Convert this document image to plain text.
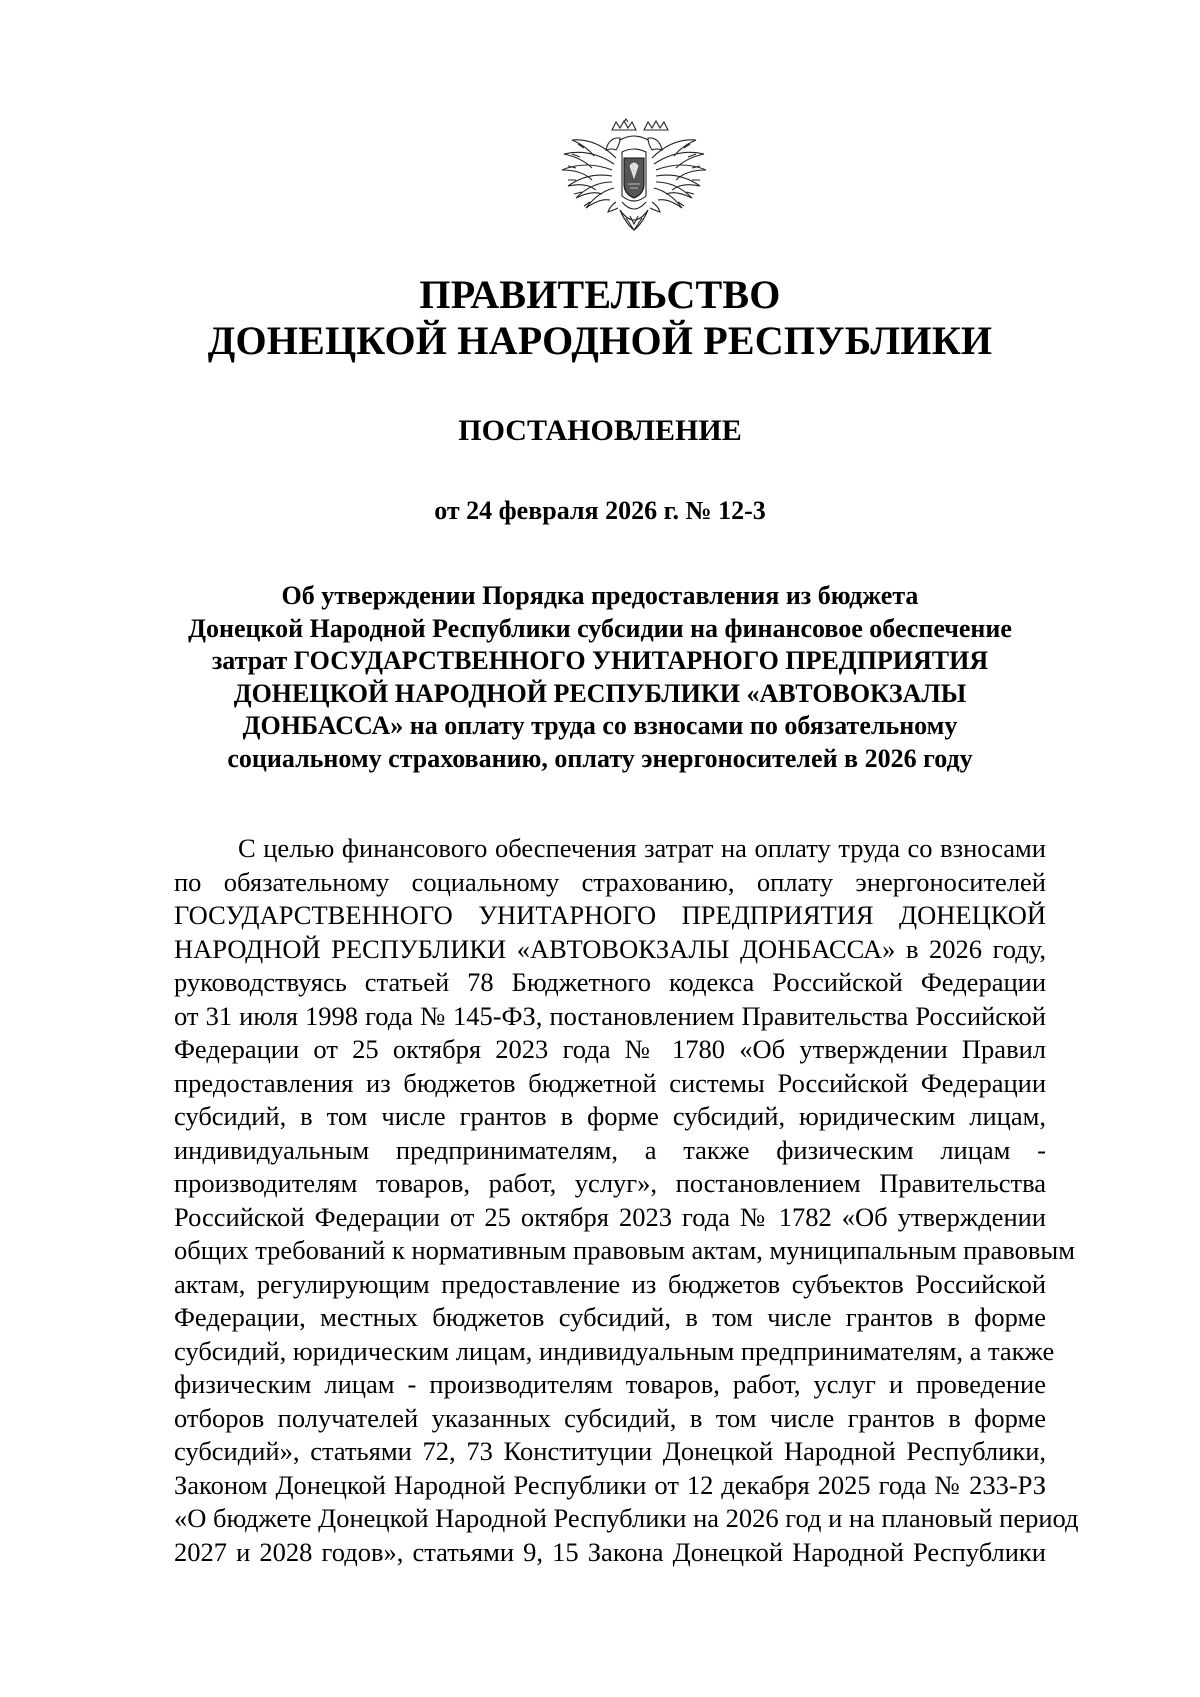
ПРАВИТЕЛЬСТВО
ДОНЕЦКОЙ НАРОДНОЙ РЕСПУБЛИКИ
ПОСТАНОВЛЕНИЕ
от 24 февраля 2026 г. № 12-3
Об утверждении Порядка предоставления из бюджета
Донецкой Народной Республики субсидии на финансовое обеспечение
затрат ГОСУДАРСТВЕННОГО УНИТАРНОГО ПРЕДПРИЯТИЯ
ДОНЕЦКОЙ НАРОДНОЙ РЕСПУБЛИКИ «АВТОВОКЗАЛЫ
ДОНБАССА» на оплату труда со взносами по обязательному
социальному страхованию, оплату энергоносителей в 2026 году
С целью финансового обеспечения затрат на оплату труда со взносами
по обязательному социальному страхованию, оплату энергоносителей
ГОСУДАРСТВЕННОГО УНИТАРНОГО ПРЕДПРИЯТИЯ ДОНЕЦКОЙ
НАРОДНОЙ РЕСПУБЛИКИ «АВТОВОКЗАЛЫ ДОНБАССА» в 2026 году,
руководствуясь статьей 78 Бюджетного кодекса Российской Федерации
от 31 июля 1998 года № 145-ФЗ, постановлением Правительства Российской
Федерации от 25 октября 2023 года № 1780 «Об утверждении Правил
предоставления из бюджетов бюджетной системы Российской Федерации
субсидий, в том числе грантов в форме субсидий, юридическим лицам,
индивидуальным предпринимателям, а также физическим лицам -
производителям товаров, работ, услуг», постановлением Правительства
Российской Федерации от 25 октября 2023 года № 1782 «Об утверждении
общих требований к нормативным правовым актам, муниципальным правовым
актам, регулирующим предоставление из бюджетов субъектов Российской
Федерации, местных бюджетов субсидий, в том числе грантов в форме
субсидий, юридическим лицам, индивидуальным предпринимателям, а также
физическим лицам - производителям товаров, работ, услуг и проведение
отборов получателей указанных субсидий, в том числе грантов в форме
субсидий», статьями 72, 73 Конституции Донецкой Народной Республики,
Законом Донецкой Народной Республики от 12 декабря 2025 года № 233-РЗ
«О бюджете Донецкой Народной Республики на 2026 год и на плановый период
2027 и 2028 годов», статьями 9, 15 Закона Донецкой Народной Республики
